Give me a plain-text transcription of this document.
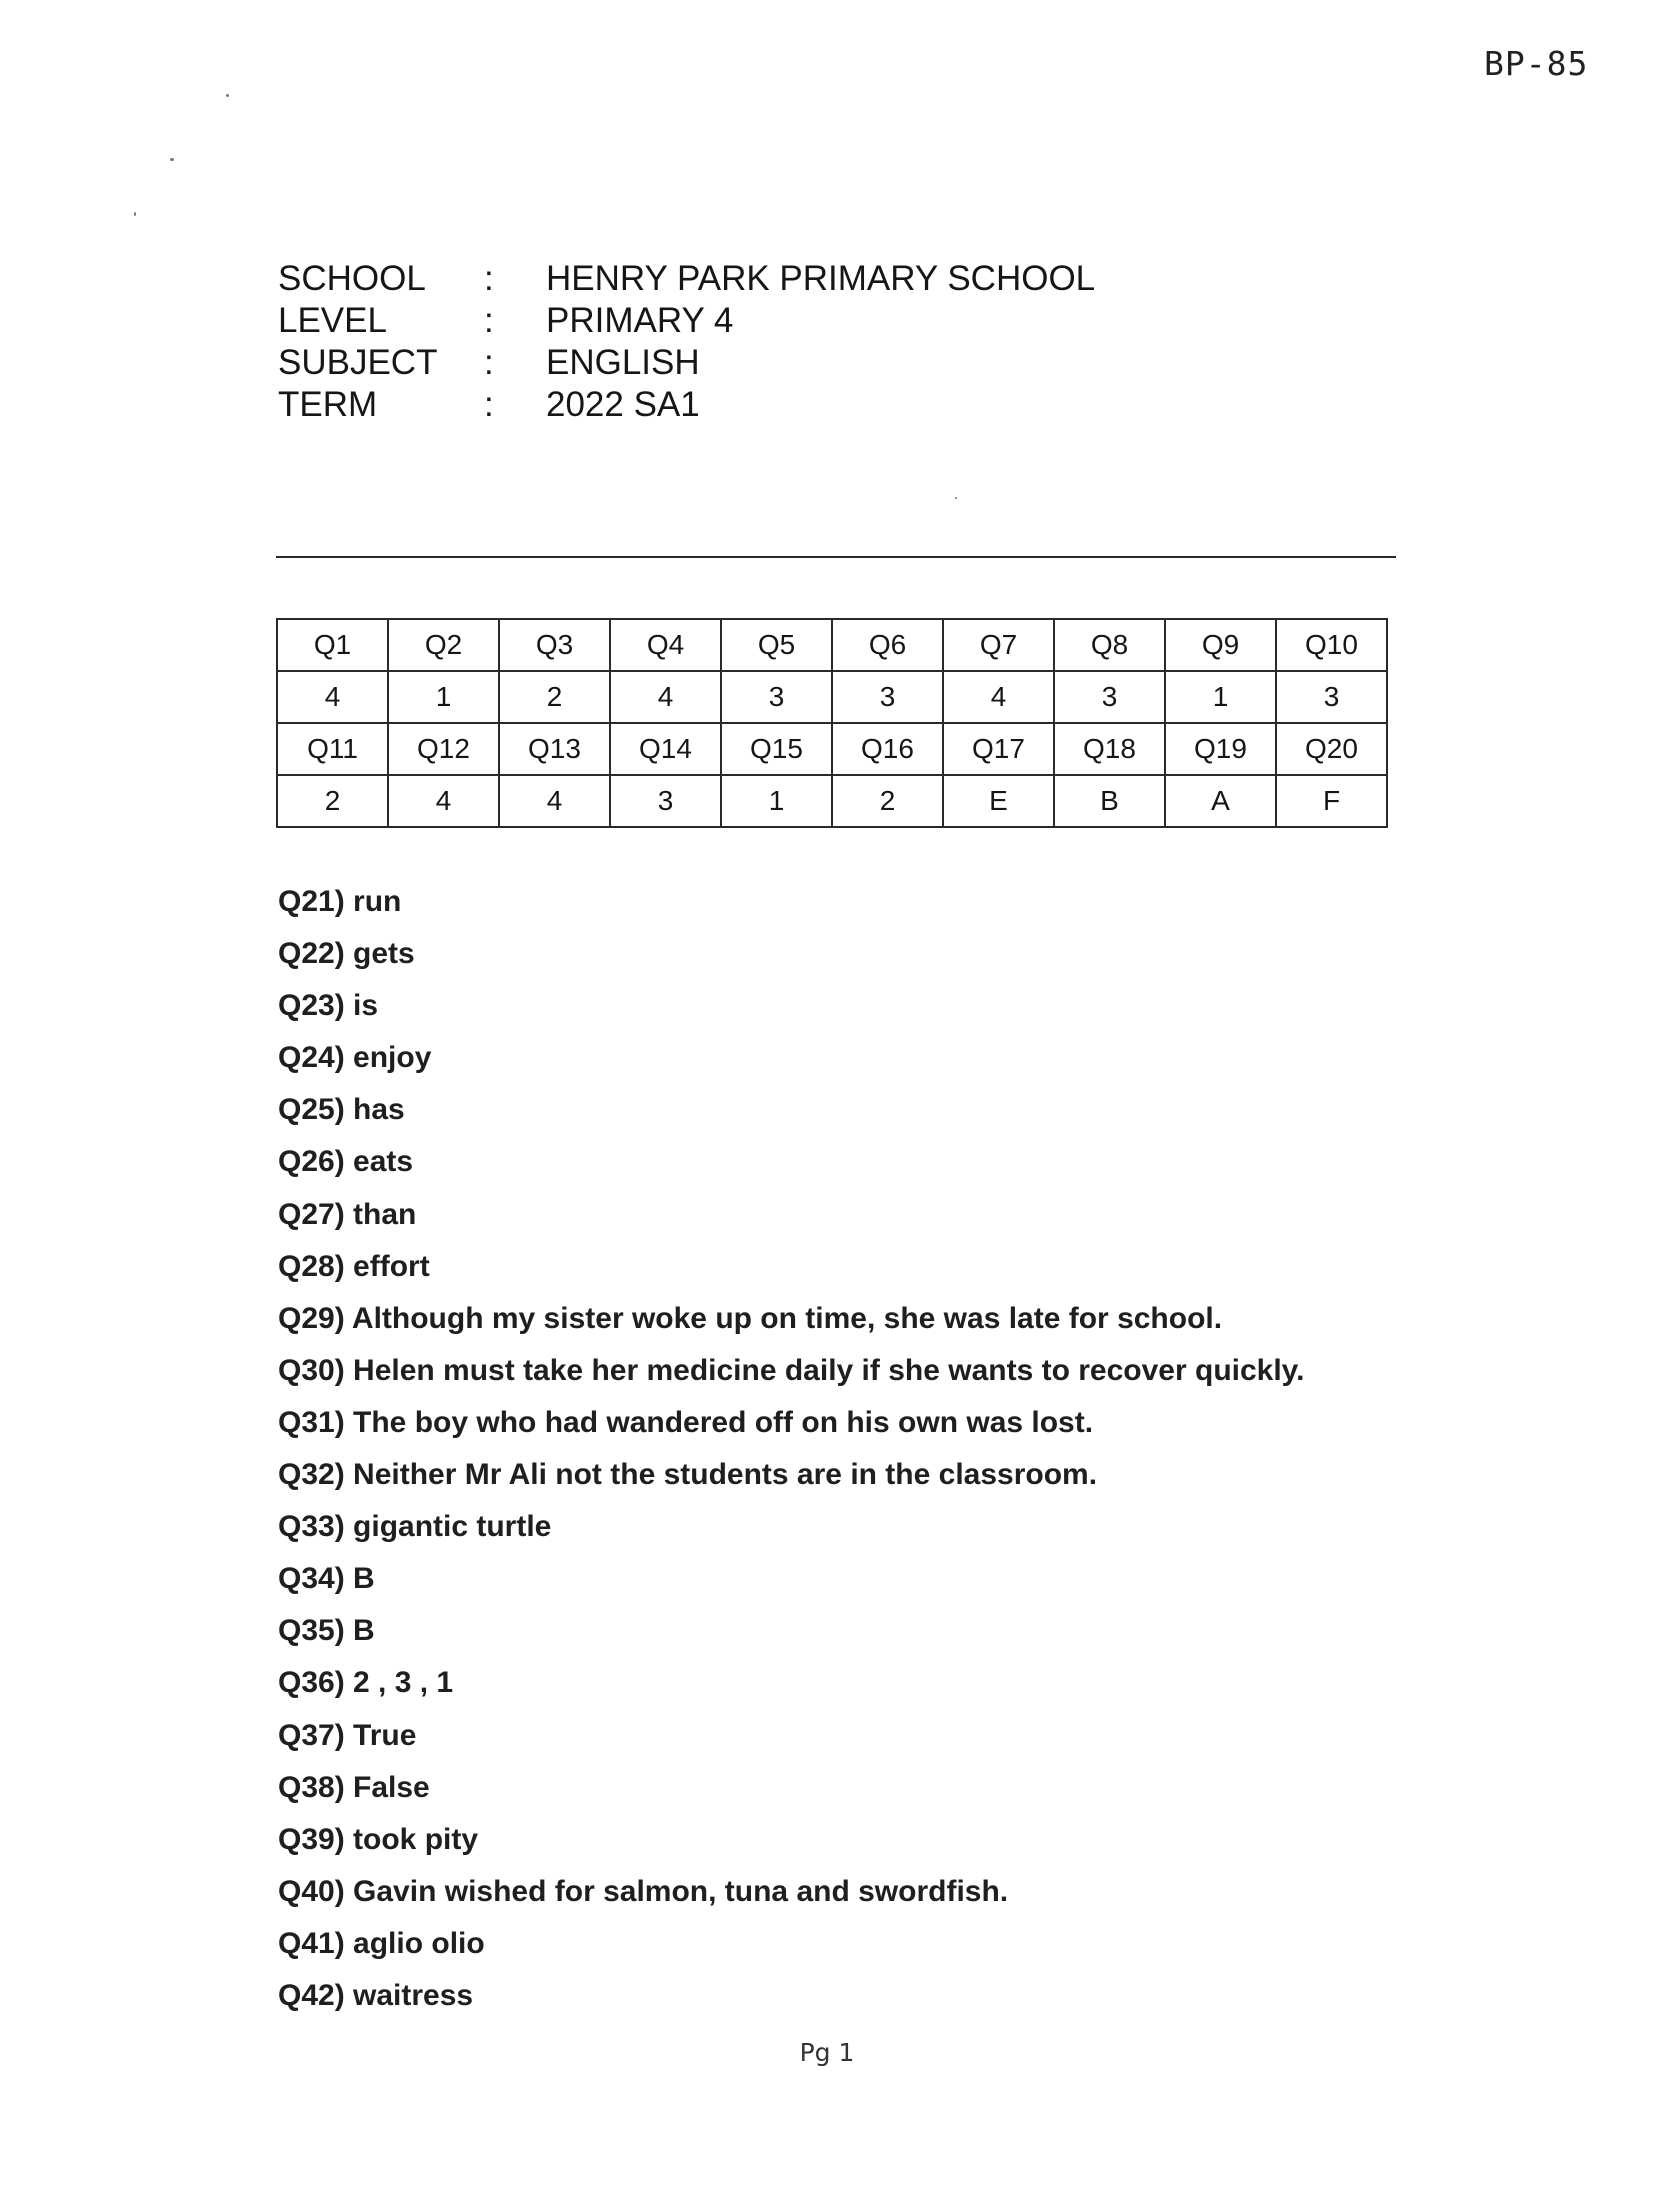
BP-85
SCHOOL	:	HENRY PARK PRIMARY SCHOOL
LEVEL	:	PRIMARY 4
SUBJECT	:	ENGLISH
TERM	:	2022 SA1
Q1	Q2	Q3	Q4	Q5	Q6	Q7	Q8	Q9	Q10
4	1	2	4	3	3	4	3	1	3
Q11	Q12	Q13	Q14	Q15	Q16	Q17	Q18	Q19	Q20
2	4	4	3	1	2	E	B	A	F
Q21) run
Q22) gets
Q23) is
Q24) enjoy
Q25) has
Q26) eats
Q27) than
Q28) effort
Q29) Although my sister woke up on time, she was late for school.
Q30) Helen must take her medicine daily if she wants to recover quickly.
Q31) The boy who had wandered off on his own was lost.
Q32) Neither Mr Ali not the students are in the classroom.
Q33) gigantic turtle
Q34) B
Q35) B
Q36) 2 , 3 , 1
Q37) True
Q38) False
Q39) took pity
Q40) Gavin wished for salmon, tuna and swordfish.
Q41) aglio olio
Q42) waitress
Pg 1
